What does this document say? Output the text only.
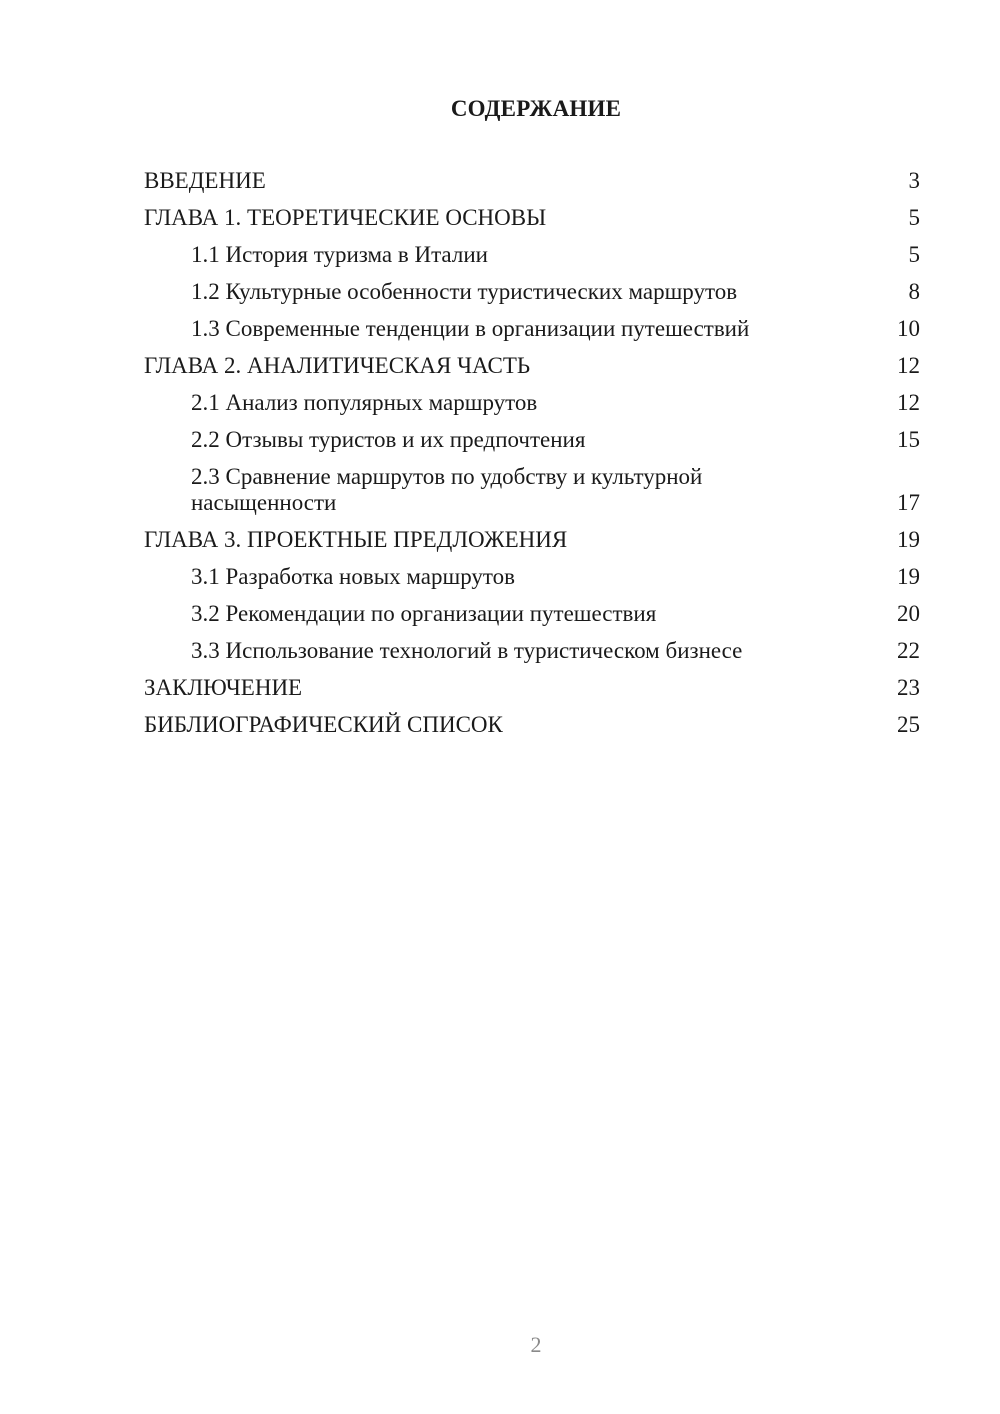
СОДЕРЖАНИЕ
ВВЕДЕНИЕ	3
ГЛАВА 1. ТЕОРЕТИЧЕСКИЕ ОСНОВЫ	5
1.1 История туризма в Италии	5
1.2 Культурные особенности туристических маршрутов	8
1.3 Современные тенденции в организации путешествий	10
ГЛАВА 2. АНАЛИТИЧЕСКАЯ ЧАСТЬ	12
2.1 Анализ популярных маршрутов	12
2.2 Отзывы туристов и их предпочтения	15
2.3 Сравнение маршрутов по удобству и культурной насыщенности	17
ГЛАВА 3. ПРОЕКТНЫЕ ПРЕДЛОЖЕНИЯ	19
3.1 Разработка новых маршрутов	19
3.2 Рекомендации по организации путешествия	20
3.3 Использование технологий в туристическом бизнесе	22
ЗАКЛЮЧЕНИЕ	23
БИБЛИОГРАФИЧЕСКИЙ СПИСОК	25
2
